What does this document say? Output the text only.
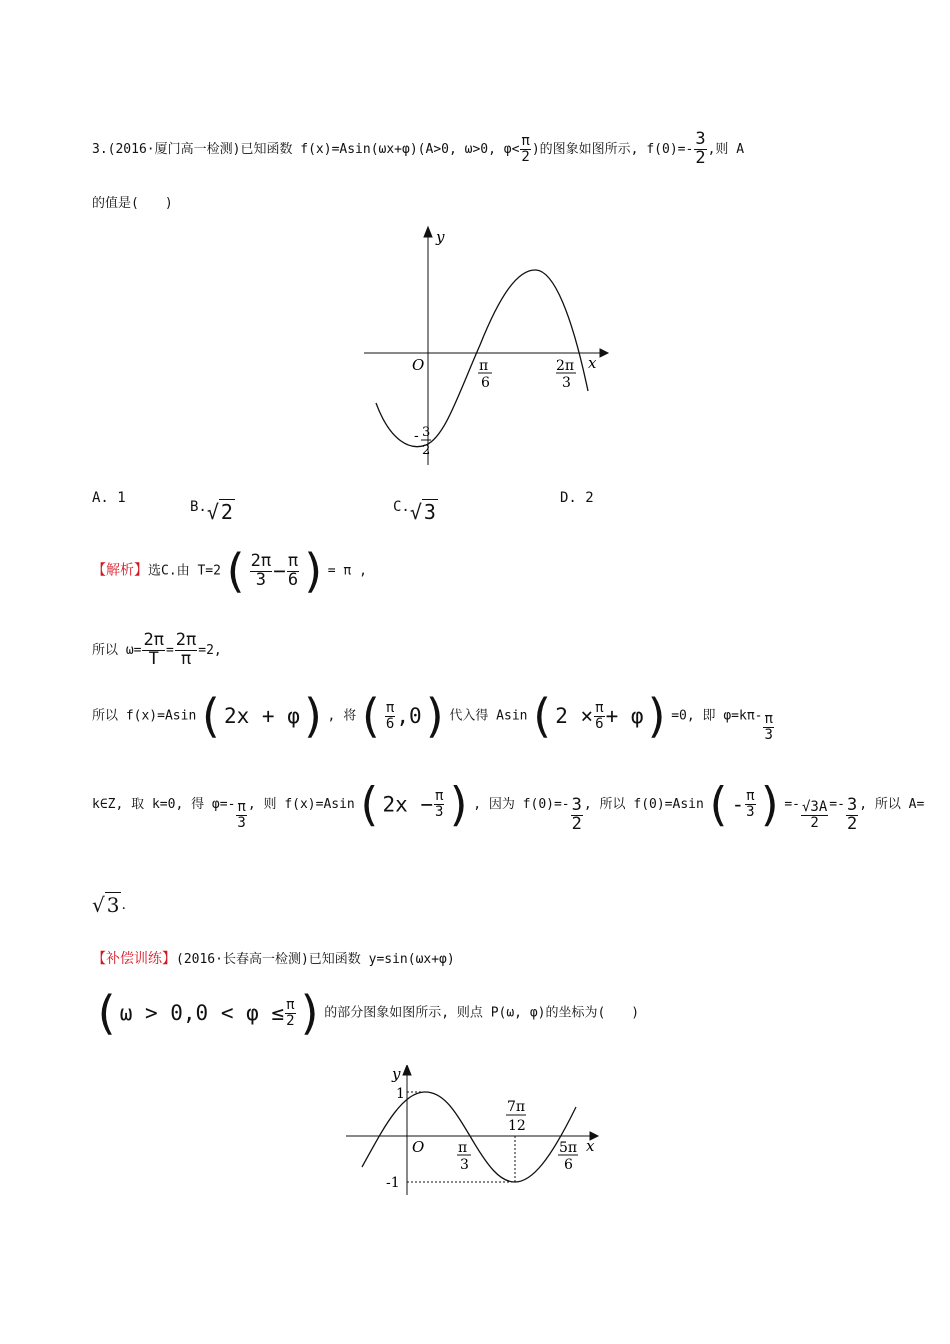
3.(2016·厦门高一检测)已知函数 f(x)=Asin(ωx+φ)(A>0, ω>0, $\varphi< \frac{\pi}{2}$ )的图象如图所示, $f(0)=- \frac{3}{2}$ ,则 A
的值是(　　)
y
x
O	π
6
2π
3
- 3
2
A. 1
B.√ 2	C.√ 3
D. 2
【解析】选C.由 $T=2( \frac{2\pi}{3} - \frac{\pi}{6}$ )= π ,
所以 $\omega= \frac{2\pi}{T} = \frac{2\pi}{\pi} =2$,
所以 f(x)=Asin(2x + φ), 将( $\frac{\pi}{6} ,0$)代入得 $Asin(2 \times \frac{\pi}{6} + \varphi)=0$, 即 $\varphi=k\pi- \frac{\pi}{3}$
k∈Z, 取 k=0, 得 $\varphi=- \frac{\pi}{3}$ , 则 $f(x)=Asin(2x - \frac{\pi}{3}$ ), 因为 $f(0)=- \frac{3}{2}$ , 所以 $f(0)=Asin(- \frac{\pi}{3}$ )=- $\frac{√3A}{2} =- \frac{3}{2}$ , 所以 A=
√ 3 .
【补偿训练】(2016·长春高一检测)已知函数 y=sin(ωx+φ)
($\omega > 0,0 < \varphi \le \frac{\pi}{2}$ )的部分图象如图所示, 则点 P(ω, φ)的坐标为(　　)
y
x
O
1
-1
π
3
7π
12
5π
6
